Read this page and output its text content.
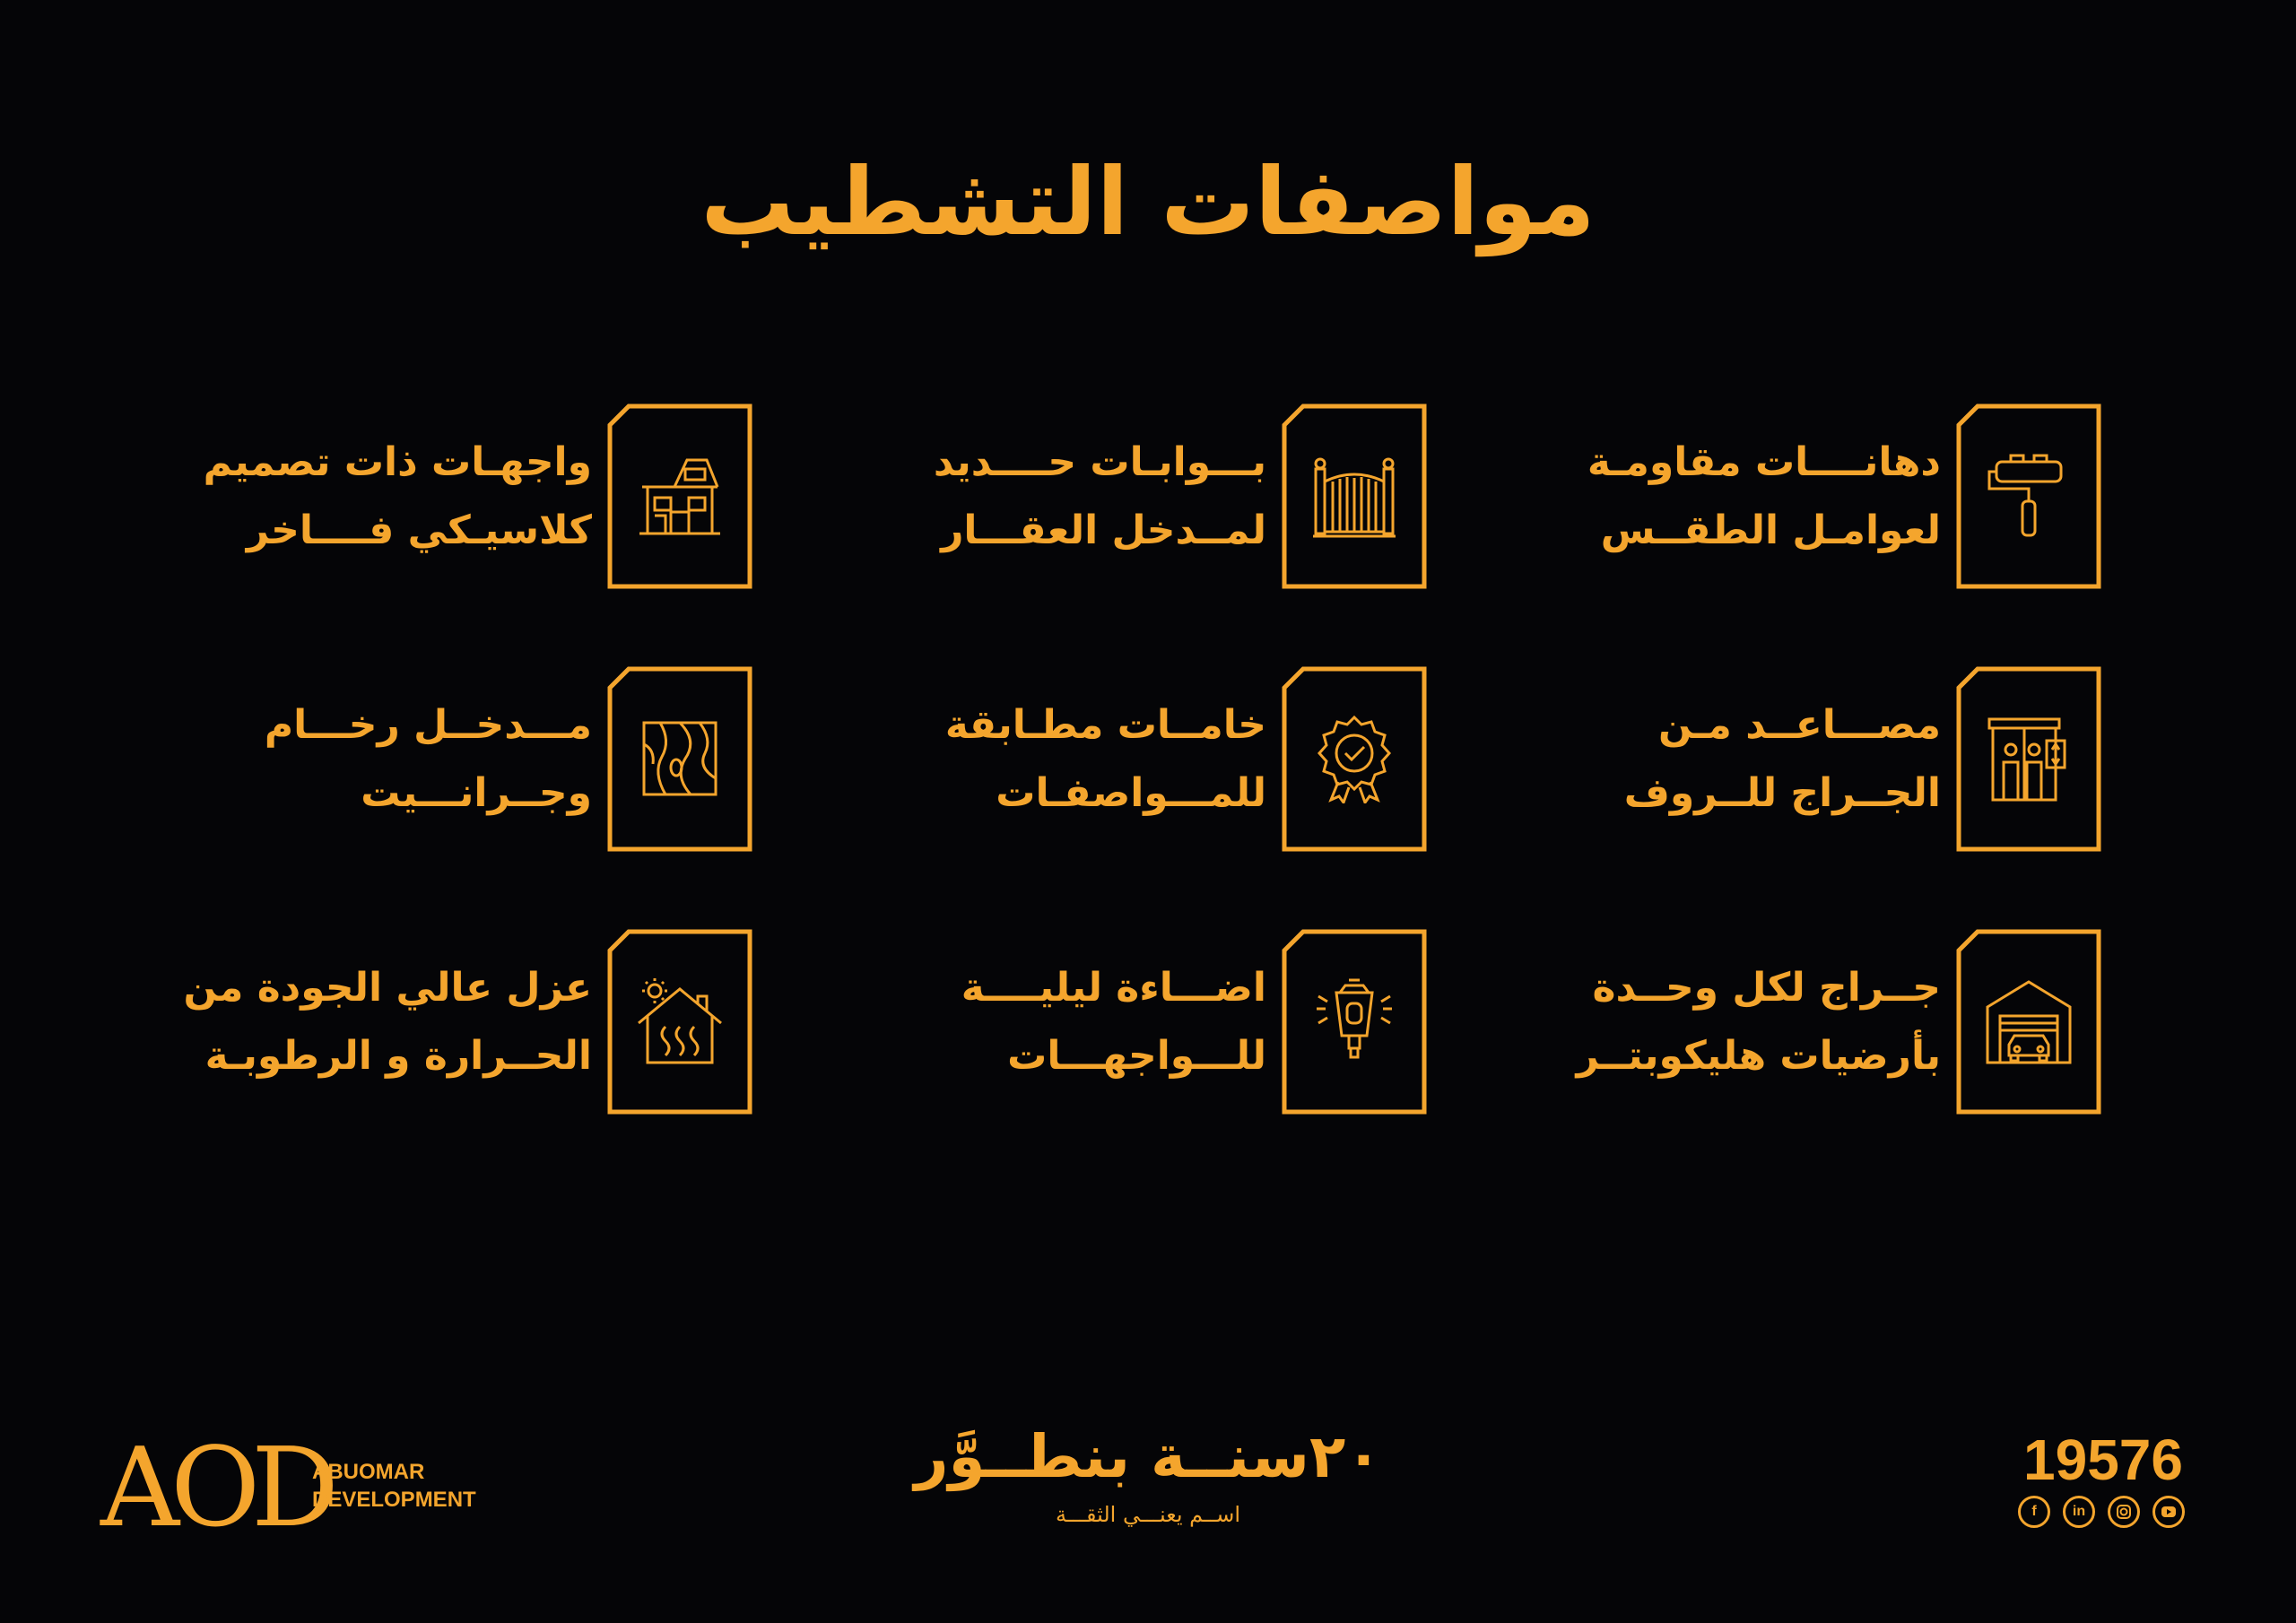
مواصفات التشطيب
واجهـات ذات تصميم
كلاسيـكي فــــاخر
بـــوابـات حــــديد
لمــدخل العقـــار
دهانــــات مقاومـة
لعوامـل الطقــس
مـــدخــل رخـــام
وجــرانـــيت
خامــات مطـابقة
للمـــواصفـات
مصـــاعــد مـن
الجــراج للــروف
عزل عالي الجودة من
الحــرارة و الرطوبـة
اضـــاءة ليليــــة
للـــواجهـــات
جــراج لكل وحــدة
بأرضيات هليكوبتــر
AOD
ABUOMAR
DEVELOPMENT
٢٠سنــة بنطــوَّر
اســم يعنـــي الثقـــة
19576
f	in
